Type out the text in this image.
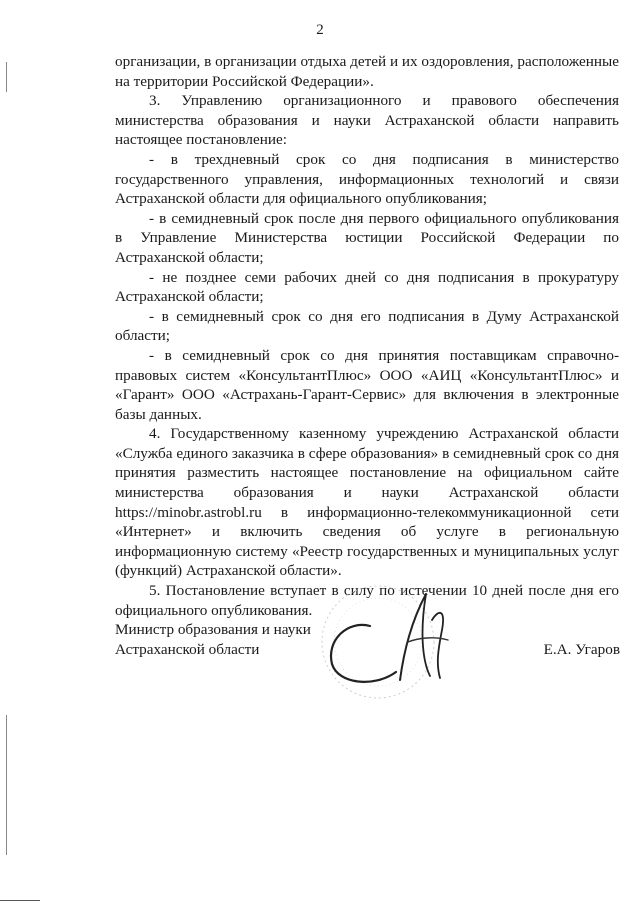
2

организации, в организации отдыха детей и их оздоровления, расположенные на территории Российской Федерации».

3. Управлению организационного и правового обеспечения министерства образования и науки Астраханской области направить настоящее постановление:

- в трехдневный срок со дня подписания в министерство государственного управления, информационных технологий и связи Астраханской области для официального опубликования;

- в семидневный срок после дня первого официального опубликования в Управление Министерства юстиции Российской Федерации по Астраханской области;

- не позднее семи рабочих дней со дня подписания в прокуратуру Астраханской области;

- в семидневный срок со дня его подписания в Думу Астраханской области;

- в семидневный срок со дня принятия поставщикам справочно-правовых систем «КонсультантПлюс» ООО «АИЦ «КонсультантПлюс» и «Гарант» ООО «Астрахань-Гарант-Сервис» для включения в электронные базы данных.

4. Государственному казенному учреждению Астраханской области «Служба единого заказчика в сфере образования» в семидневный срок со дня принятия разместить настоящее постановление на официальном сайте министерства образования и науки Астраханской области https://minobr.astrobl.ru в информационно-телекоммуникационной сети «Интернет» и включить сведения об услуге в региональную информационную систему «Реестр государственных и муниципальных услуг (функций) Астраханской области».

5. Постановление вступает в силу по истечении 10 дней после дня его официального опубликования.

Министр образования и науки
Астраханской области	Е.А. Угаров
